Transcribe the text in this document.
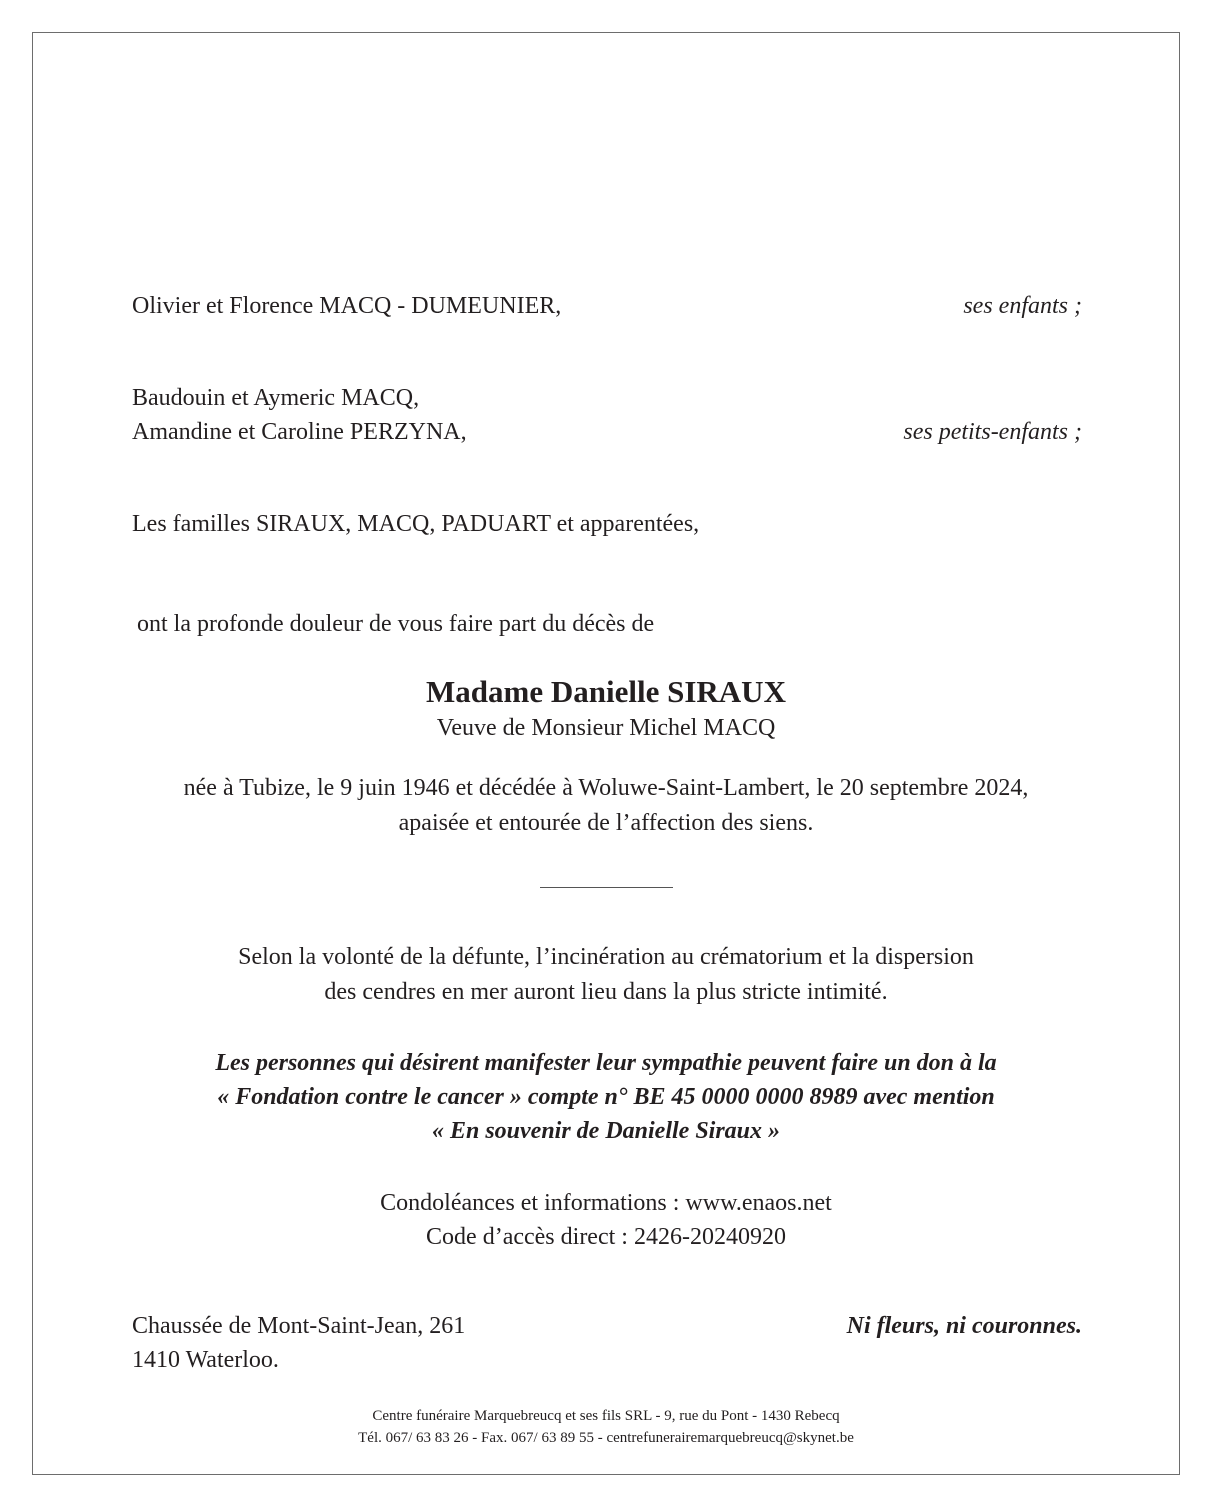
Olivier et Florence MACQ - DUMEUNIER,	ses enfants ;
Baudouin et Aymeric MACQ,
Amandine et Caroline PERZYNA,	ses petits-enfants ;
Les familles SIRAUX, MACQ, PADUART et apparentées,
ont la profonde douleur de vous faire part du décès de
Madame Danielle SIRAUX
Veuve de Monsieur Michel MACQ
née à Tubize, le 9 juin 1946 et décédée à Woluwe-Saint-Lambert, le 20 septembre 2024,
apaisée et entourée de l’affection des siens.
Selon la volonté de la défunte, l’incinération au crématorium et la dispersion
des cendres en mer auront lieu dans la plus stricte intimité.
Les personnes qui désirent manifester leur sympathie peuvent faire un don à la
« Fondation contre le cancer » compte n° BE 45 0000 0000 8989 avec mention
« En souvenir de Danielle Siraux »
Condoléances et informations : www.enaos.net
Code d’accès direct : 2426-20240920
Chaussée de Mont-Saint-Jean, 261	Ni fleurs, ni couronnes.
1410 Waterloo.
Centre funéraire Marquebreucq et ses fils SRL - 9, rue du Pont - 1430 Rebecq
Tél. 067/ 63 83 26 - Fax. 067/ 63 89 55 - centrefunerairemarquebreucq@skynet.be
